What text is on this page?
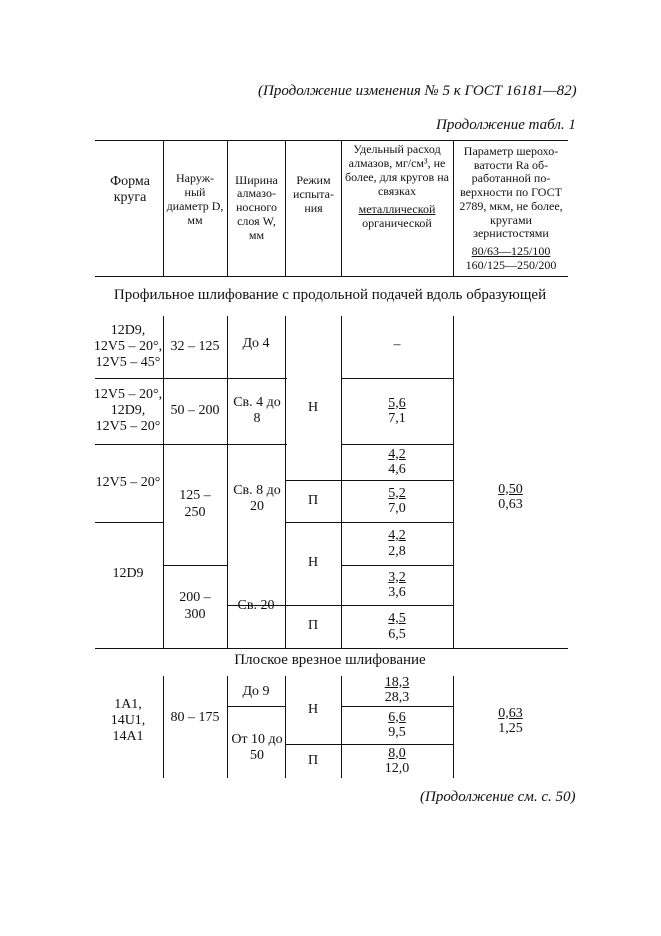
(Продолжение изменения № 5 к ГОСТ 16181—82)
Продолжение табл. 1
Форма круга
Наруж-ный диаметр D, мм
Ширина алмазо-носного слоя W, мм
Режим испыта-ния
Удельный расход алмазов, мг/см³, не более, для кругов на связках
металлической
органической
Параметр шерохо-ватости Ra об-работанной по-верхности по ГОСТ 2789, мкм, не более, кругами зернистостями
80/63—125/100
160/125—250/200
Профильное шлифование с продольной подачей вдоль образующей
12D9,
12V5 – 20°,
12V5 – 45°
12V5 – 20°,
12D9,
12V5 – 20°
12V5 – 20°
12D9
32 – 125
50 – 200
125 – 250
200 – 300
До 4
Св. 4 до 8
Св. 8 до 20
Св. 20
Н
П
Н
П
–
$\frac{5,6}{7,1}$
$\frac{4,2}{4,6}$
$\frac{5,2}{7,0}$
$\frac{4,2}{2,8}$
$\frac{3,2}{3,6}$
$\frac{4,5}{6,5}$
$\frac{0,50}{0,63}$
Плоское врезное шлифование
1A1,
14U1,
14A1
80 – 175
До 9
От 10 до 50
Н
П
$\frac{18,3}{28,3}$
$\frac{6,6}{9,5}$
$\frac{8,0}{12,0}$
$\frac{0,63}{1,25}$
(Продолжение см. с. 50)
